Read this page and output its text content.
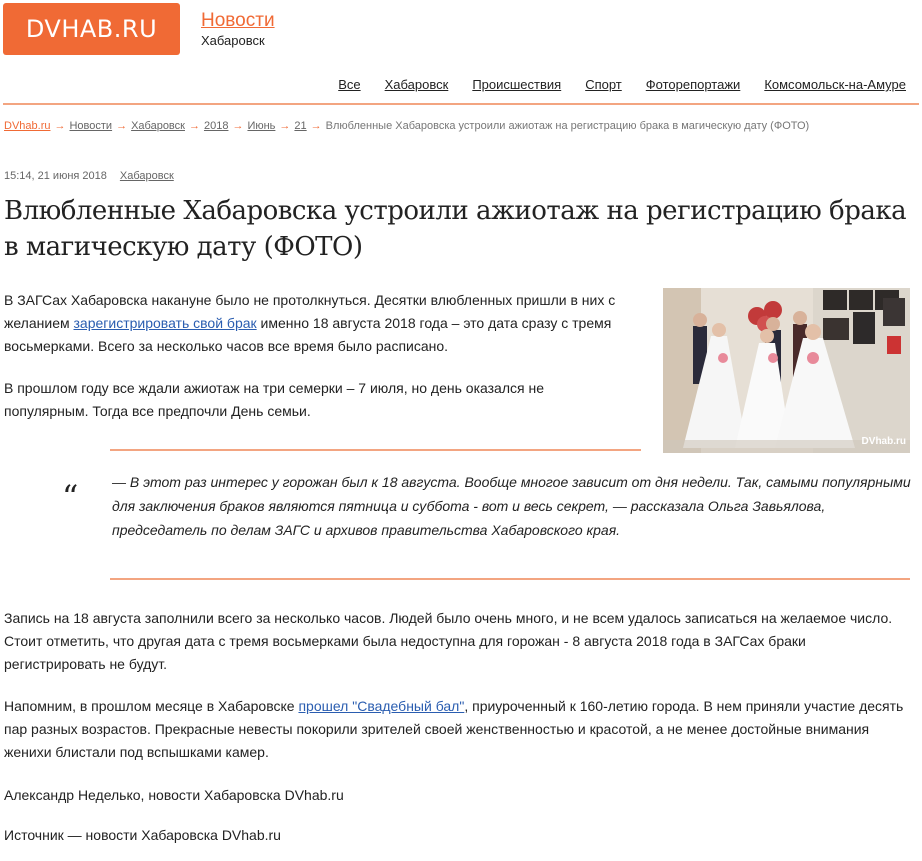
DVHAB.RU	Новости
Хабаровск
Все Хабаровск Происшествия Спорт Фоторепортажи Комсомольск-на-Амуре
DVhab.ru → Новости → Хабаровск → 2018 → Июнь → 21 → Влюбленные Хабаровска устроили ажиотаж на регистрацию брака в магическую дату (ФОТО)
15:14, 21 июня 2018 Хабаровск
Влюбленные Хабаровска устроили ажиотаж на регистрацию брака в магическую дату (ФОТО)

В ЗАГСах Хабаровска накануне было не протолкнуться. Десятки влюбленных пришли в них с желанием зарегистрировать свой брак именно 18 августа 2018 года – это дата сразу с тремя восьмерками. Всего за несколько часов все время было расписано.

В прошлом году все ждали ажиотаж на три семерки – 7 июля, но день оказался не популярным. Тогда все предпочли День семьи.

DVhab.ru
“ — В этот раз интерес у горожан был к 18 августа. Вообще многое зависит от дня недели. Так, самыми популярными для заключения браков являются пятница и суббота - вот и весь секрет, — рассказала Ольга Завьялова, председатель по делам ЗАГС и архивов правительства Хабаровского края.

Запись на 18 августа заполнили всего за несколько часов. Людей было очень много, и не всем удалось записаться на желаемое число. Стоит отметить, что другая дата с тремя восьмерками была недоступна для горожан - 8 августа 2018 года в ЗАГСах браки регистрировать не будут.

Напомним, в прошлом месяце в Хабаровске прошел "Свадебный бал", приуроченный к 160-летию города. В нем приняли участие десять пар разных возрастов. Прекрасные невесты покорили зрителей своей женственностью и красотой, а не менее достойные внимания женихи блистали под вспышками камер.

Александр Неделько, новости Хабаровска DVhab.ru

Источник — новости Хабаровска DVhab.ru
